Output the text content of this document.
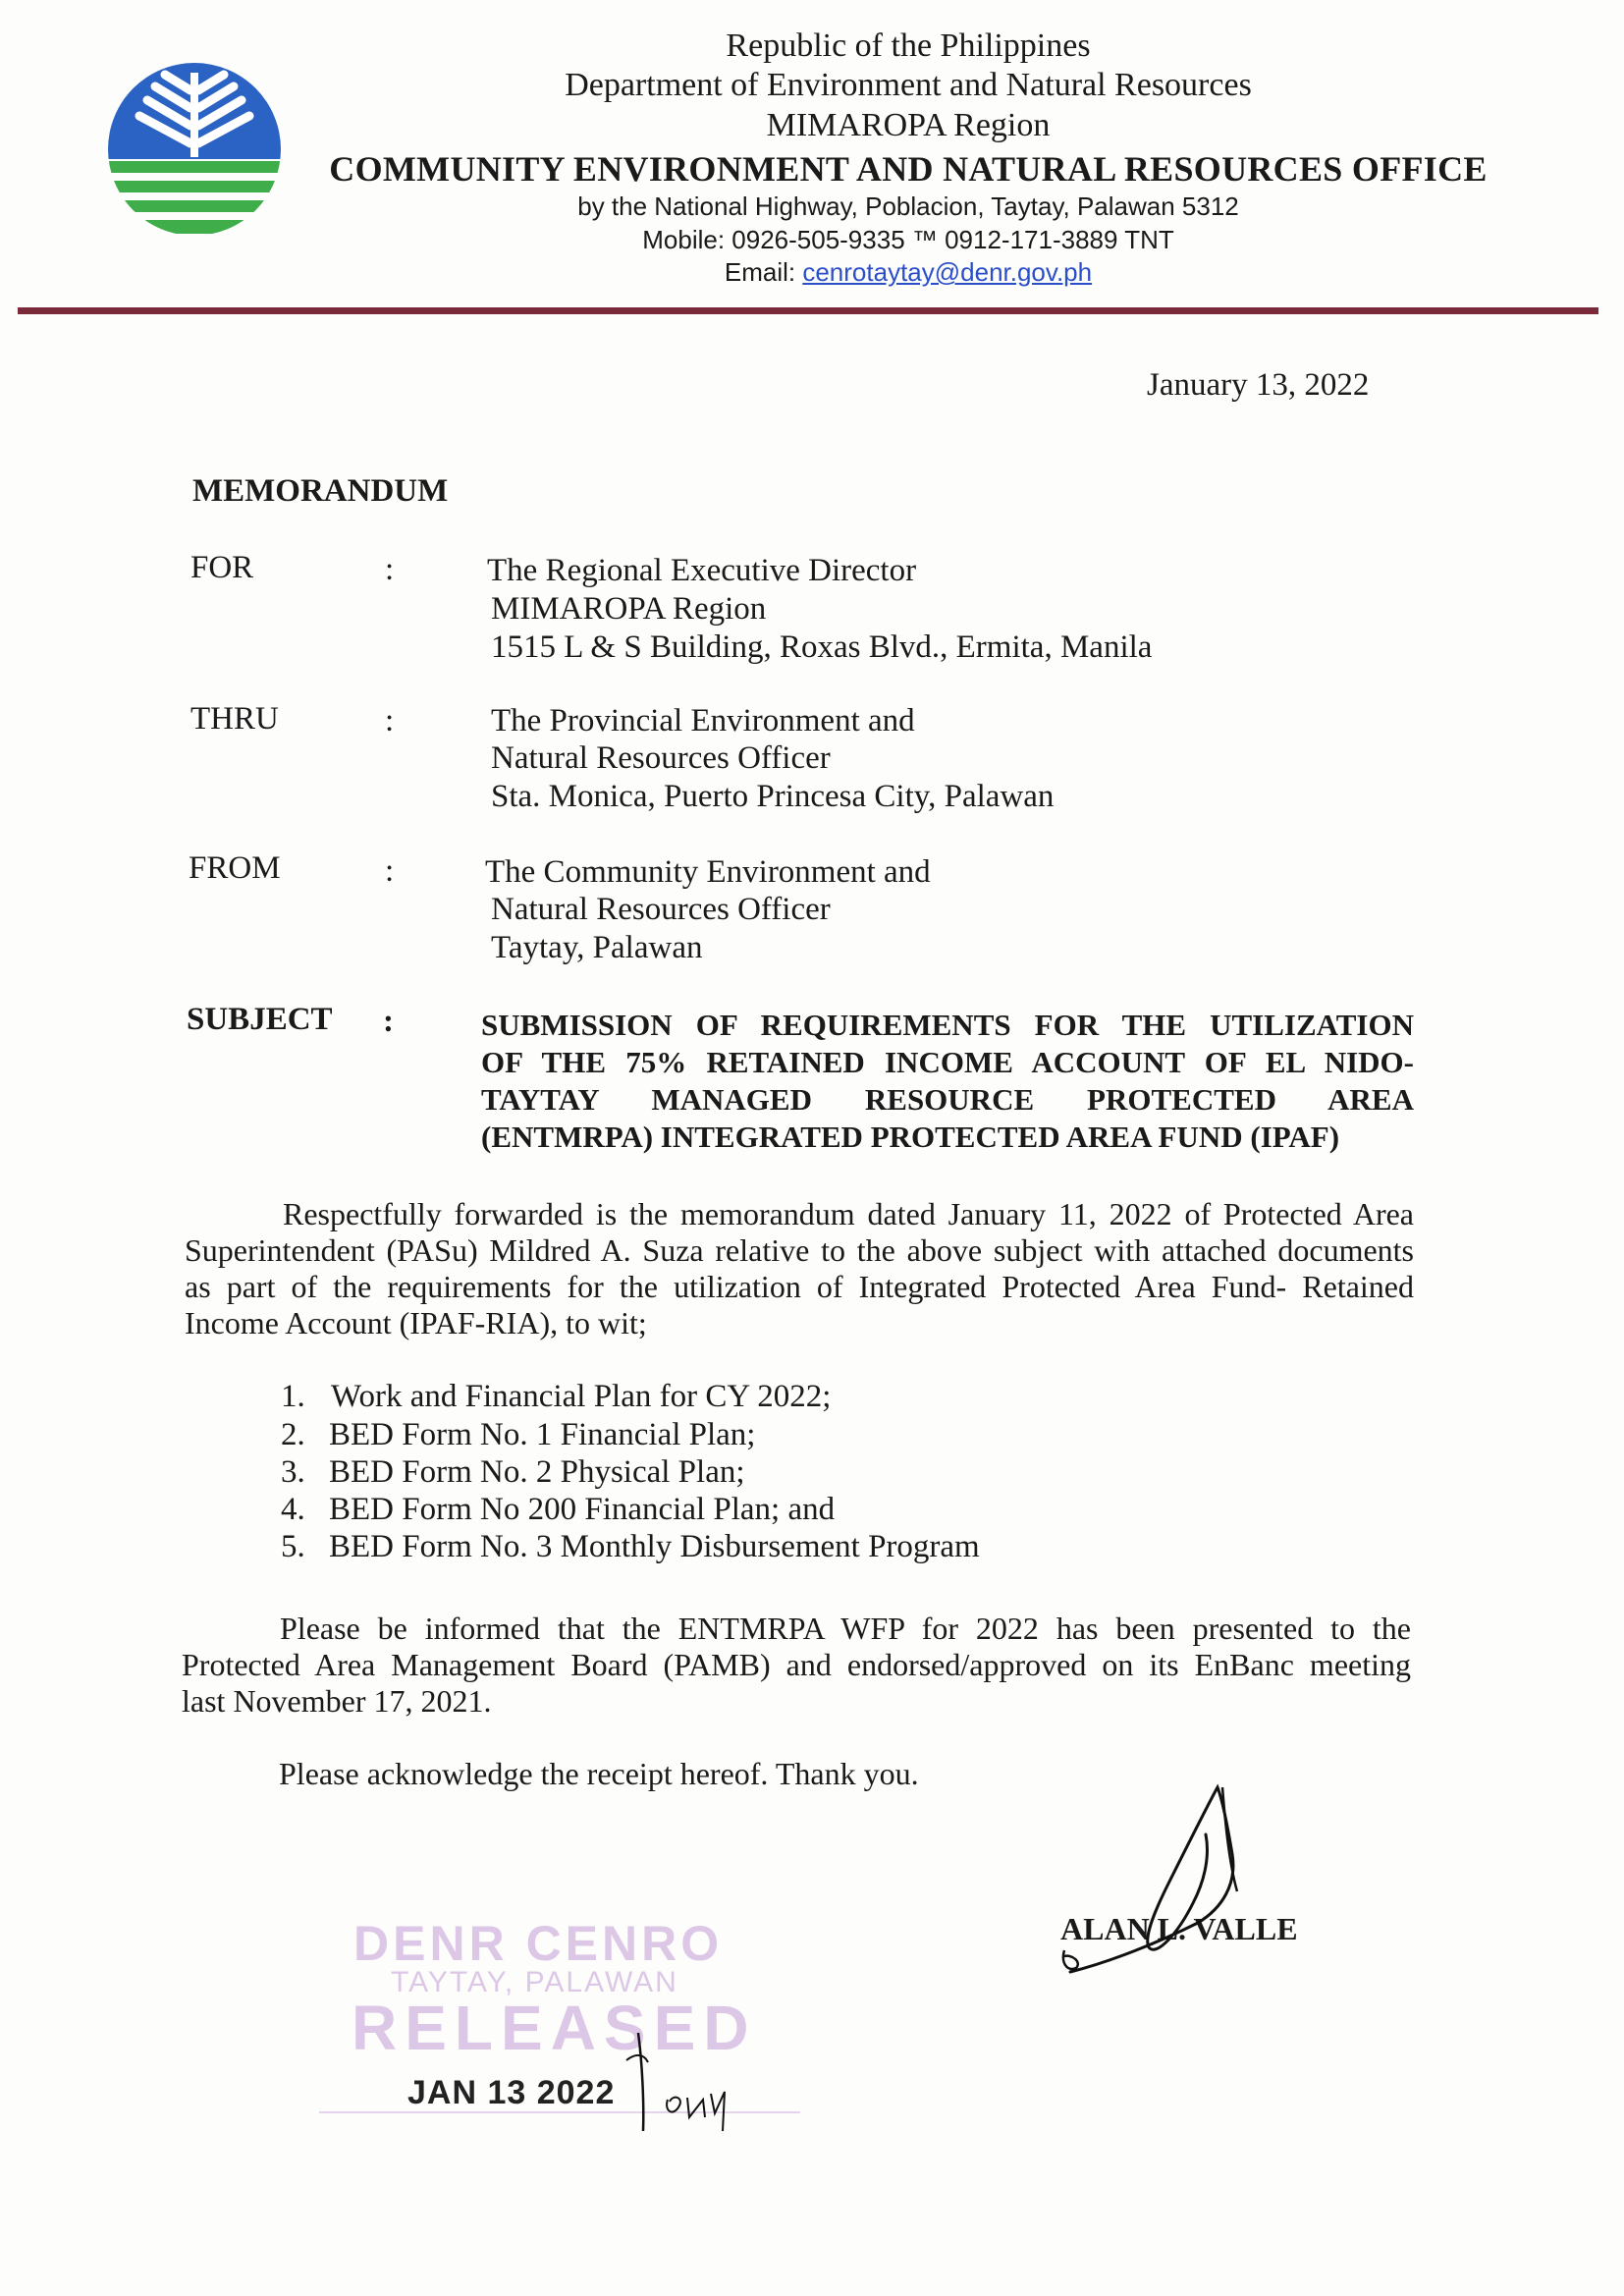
Republic of the Philippines
Department of Environment and Natural Resources
MIMAROPA Region
COMMUNITY ENVIRONMENT AND NATURAL RESOURCES OFFICE
by the National Highway, Poblacion, Taytay, Palawan 5312
Mobile: 0926-505-9335 ™ 0912-171-3889 TNT
Email: cenrotaytay@denr.gov.ph
January 13, 2022
MEMORANDUM
FOR	:	The Regional Executive Director
MIMAROPA Region
1515 L & S Building, Roxas Blvd., Ermita, Manila
THRU	:	The Provincial Environment and
Natural Resources Officer
Sta. Monica, Puerto Princesa City, Palawan
FROM	:	The Community Environment and
Natural Resources Officer
Taytay, Palawan
SUBJECT :	SUBMISSION OF REQUIREMENTS FOR THE UTILIZATION
OF THE 75% RETAINED INCOME ACCOUNT OF EL NIDO-
TAYTAY MANAGED RESOURCE PROTECTED AREA
(ENTMRPA) INTEGRATED PROTECTED AREA FUND (IPAF)
Respectfully forwarded is the memorandum dated January 11, 2022 of Protected Area
Superintendent (PASu) Mildred A. Suza relative to the above subject with attached documents
as part of the requirements for the utilization of Integrated Protected Area Fund- Retained
Income Account (IPAF-RIA), to wit;
1. Work and Financial Plan for CY 2022;
2. BED Form No. 1 Financial Plan;
3. BED Form No. 2 Physical Plan;
4. BED Form No 200 Financial Plan; and
5. BED Form No. 3 Monthly Disbursement Program
Please be informed that the ENTMRPA WFP for 2022 has been presented to the
Protected Area Management Board (PAMB) and endorsed/approved on its EnBanc meeting
last November 17, 2021.
Please acknowledge the receipt hereof. Thank you.
ALAN L. VALLE
DENR CENRO
TAYTAY, PALAWAN
RELEASED
JAN 13 2022
